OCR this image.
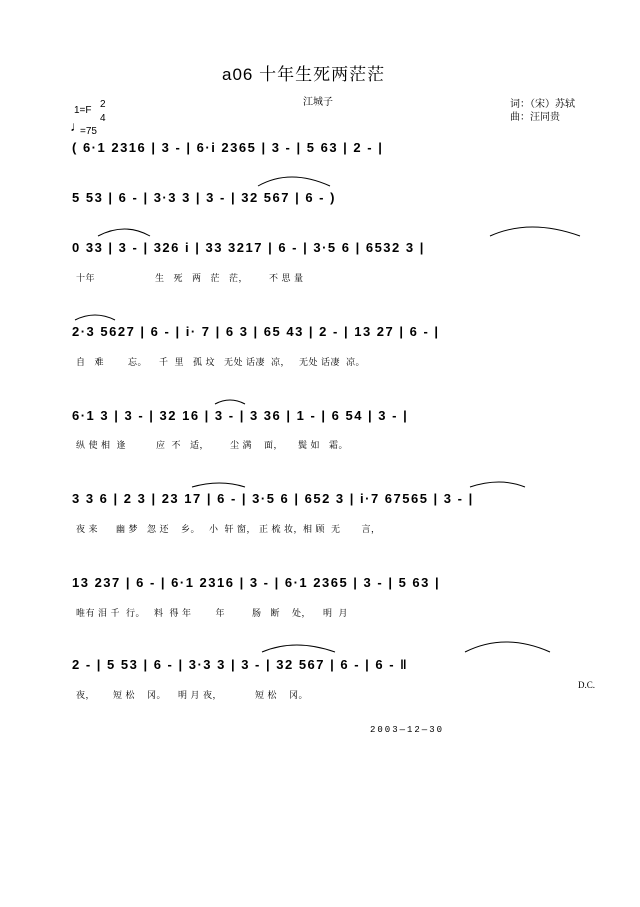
a06 十年生死两茫茫
江城子	词：（宋）苏轼
曲：汪同贵
1=F
2
4
♩
=75
( 6·1 2316 | 3 - | 6·i 2365 | 3 - | 5 63 | 2 - |
5 53 | 6 - | 3·3 3 | 3 - | 32 567 | 6 - )
0 33 | 3 - | 326 i | 33 3217 | 6 - | 3·5 6 | 6532 3 |
十年                    生   死   两   茫   茫，       不 思 量
2·3 5627 | 6 - | i· 7 | 6 3 | 65 43 | 2 - | 13 27 | 6 - |
自   难        忘。    千  里   孤 坟   无处 话凄  凉，   无处 话凄  凉。
6·1 3 | 3 - | 32 16 | 3 - | 3 36 | 1 - | 6 54 | 3 - |
纵 使 相  逢          应  不   适，       尘 满    面，     鬓 如   霜。
3 3 6 | 2 3 | 23 17 | 6 - | 3·5 6 | 652 3 | i·7 67565 | 3 - |
夜 来      幽 梦   忽 还    乡。   小  轩 窗， 正 梳 妆，相 顾  无       言，
13 237 | 6 - | 6·1 2316 | 3 - | 6·1 2365 | 3 - | 5 63 |
唯有 泪 千  行。   料  得 年        年         肠   断    处，    明  月
2 - | 5 53 | 6 - | 3·3 3 | 3 - | 32 567 | 6 - | 6 - ‖
夜，      短 松    冈。    明 月 夜，           短 松    冈。
D.C.
2003—12—30
